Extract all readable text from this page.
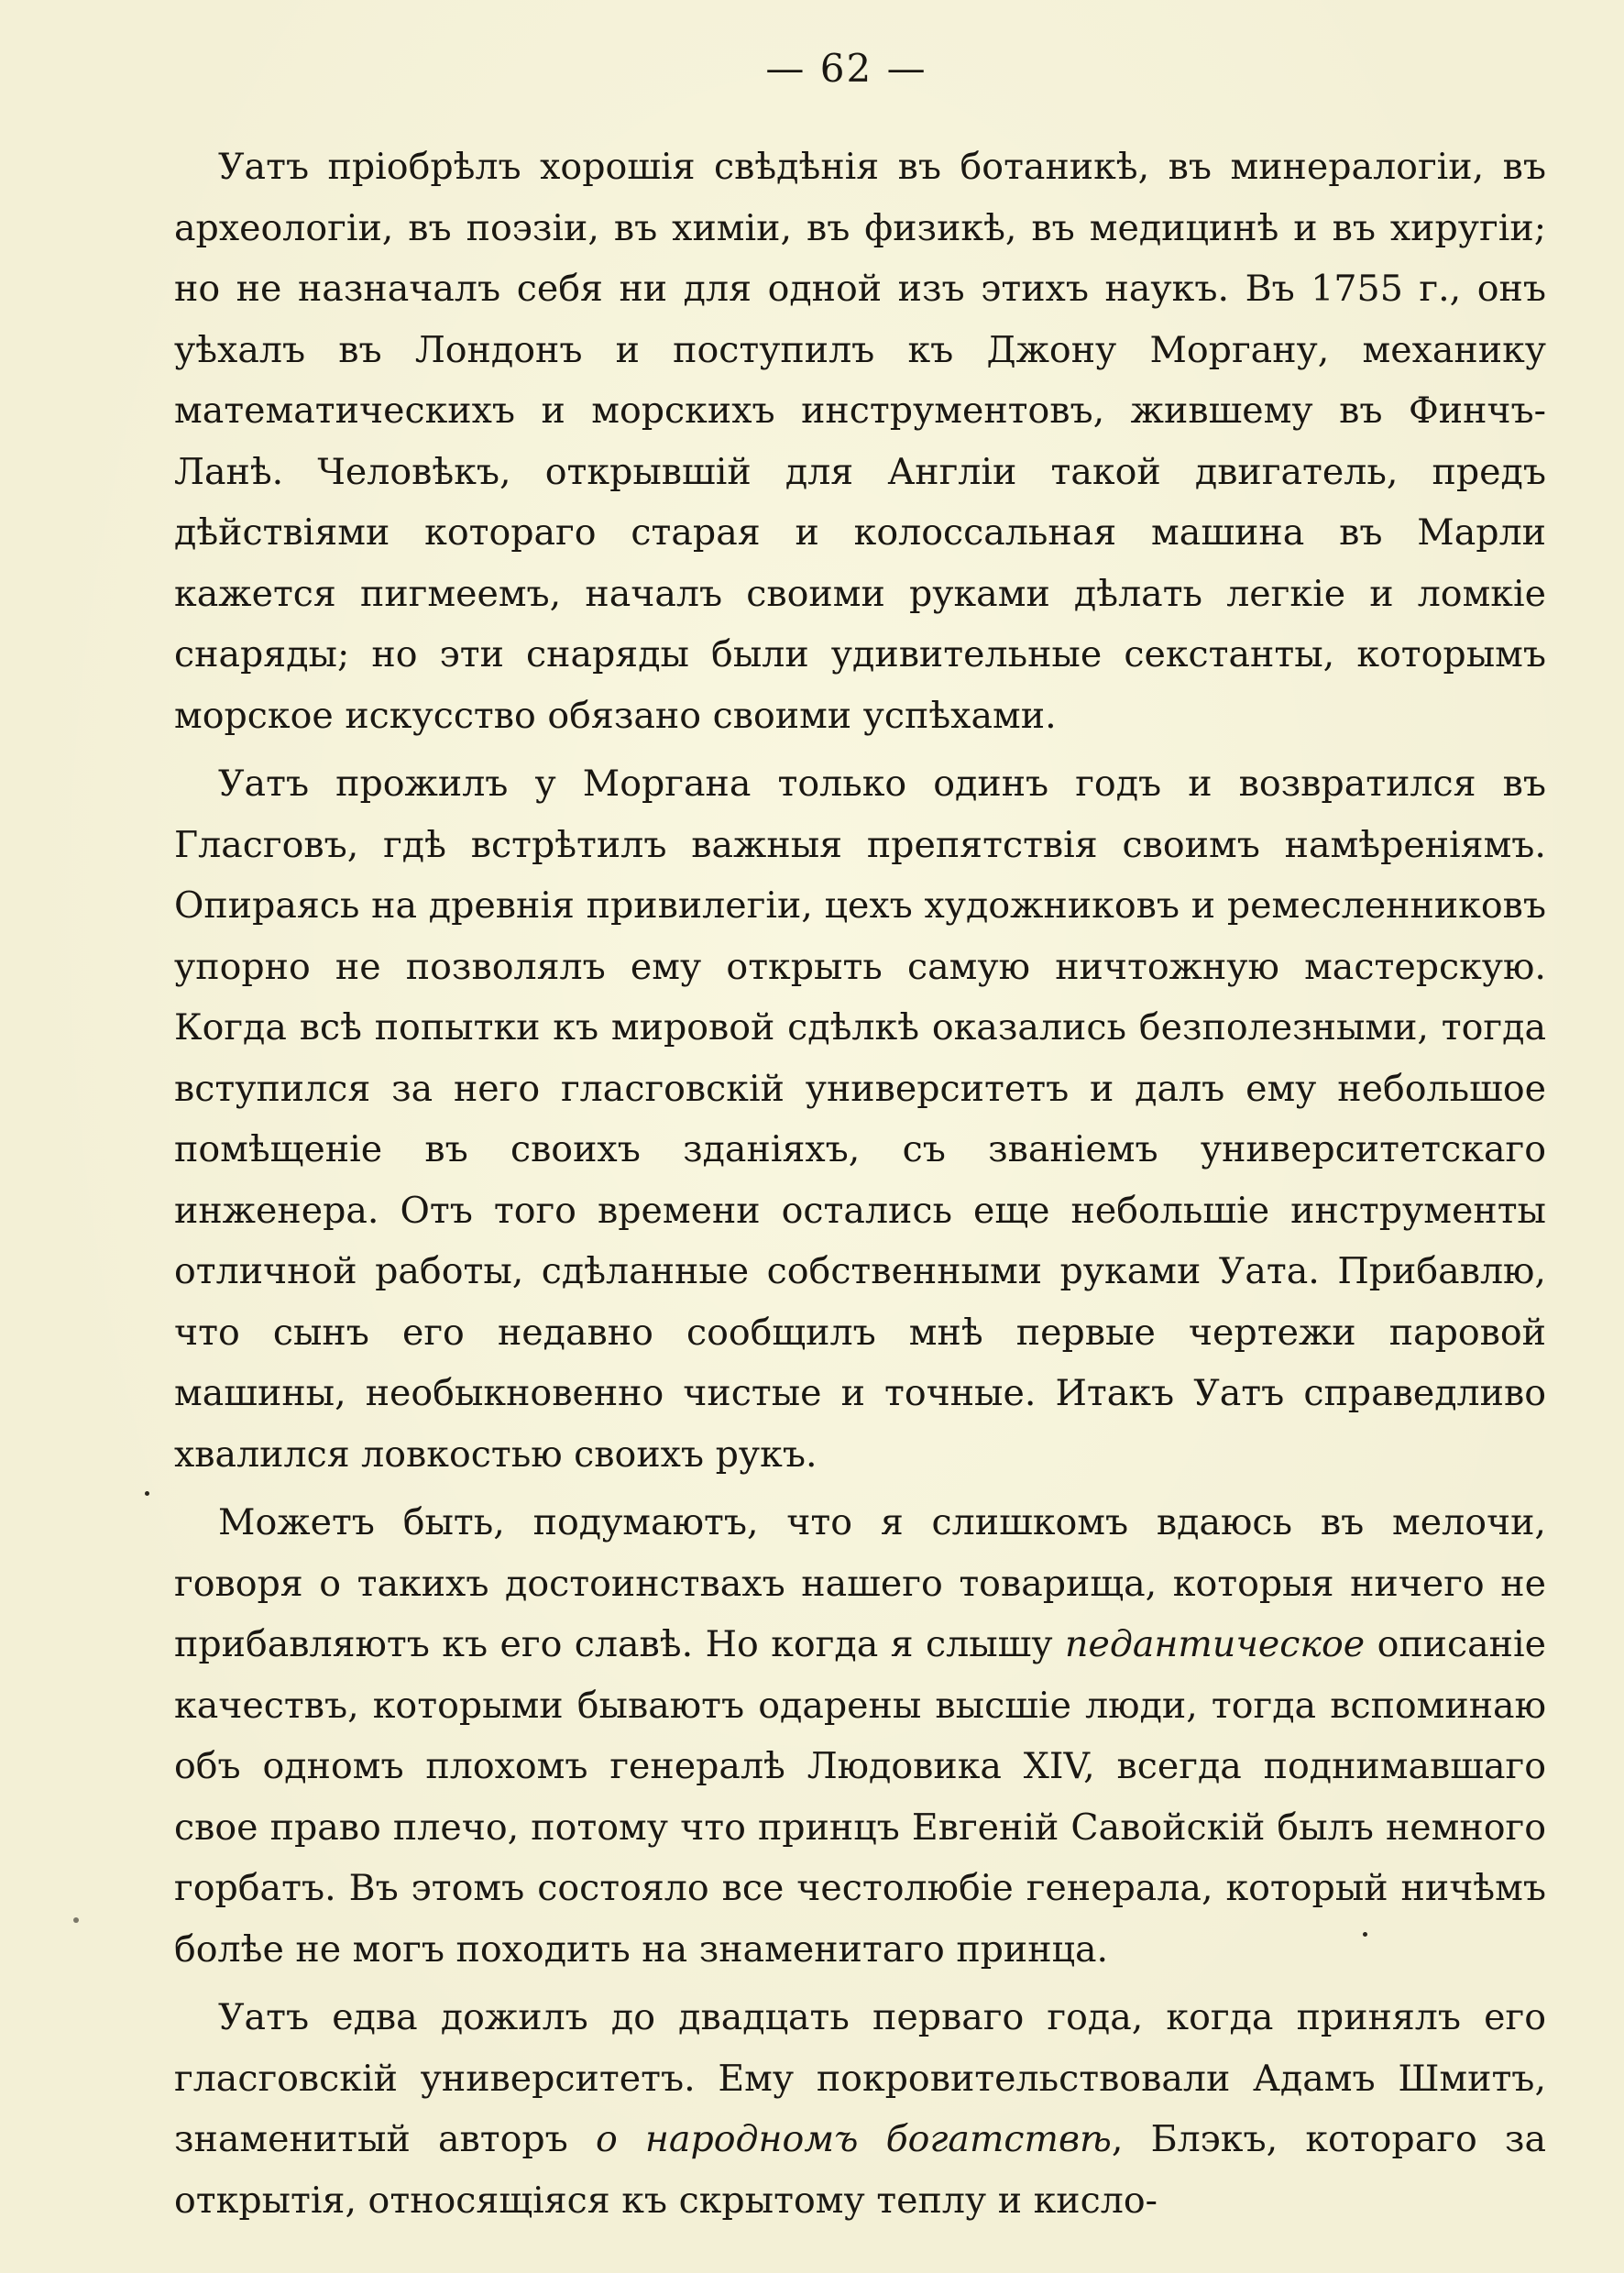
— 62 —

Уатъ пріобрѣлъ хорошія свѣдѣнія въ ботаникѣ, въ минералогіи, въ археологіи, въ поэзіи, въ химіи, въ физикѣ, въ медицинѣ и въ хиругіи; но не назначалъ себя ни для одной изъ этихъ наукъ. Въ 1755 г., онъ уѣхалъ въ Лондонъ и поступилъ къ Джону Моргану, механику математическихъ и морскихъ инструментовъ, жившему въ Финчъ-Ланѣ. Человѣкъ, открывшій для Англіи такой двигатель, предъ дѣйствіями котораго старая и колоссальная машина въ Марли кажется пигмеемъ, началъ своими руками дѣлать легкіе и ломкіе снаряды; но эти снаряды были удивительные секстанты, которымъ морское искусство обязано своими успѣхами.

Уатъ прожилъ у Моргана только одинъ годъ и возвратился въ Гласговъ, гдѣ встрѣтилъ важныя препятствія своимъ намѣреніямъ. Опираясь на древнія привилегіи, цехъ художниковъ и ремесленниковъ упорно не позволялъ ему открыть самую ничтожную мастерскую. Когда всѣ попытки къ мировой сдѣлкѣ оказались безполезными, тогда вступился за него гласговскій университетъ и далъ ему небольшое помѣщеніе въ своихъ зданіяхъ, съ званіемъ университетскаго инженера. Отъ того времени остались еще небольшіе инструменты отличной работы, сдѣланные собственными руками Уата. Прибавлю, что сынъ его недавно сообщилъ мнѣ первые чертежи паровой машины, необыкновенно чистые и точные. Итакъ Уатъ справедливо хвалился ловкостью своихъ рукъ.

Можетъ быть, подумаютъ, что я слишкомъ вдаюсь въ мелочи, говоря о такихъ достоинствахъ нашего товарища, которыя ничего не прибавляютъ къ его славѣ. Но когда я слышу педантическое описаніе качествъ, которыми бываютъ одарены высшіе люди, тогда вспоминаю объ одномъ плохомъ генералѣ Людовика XIV, всегда поднимавшаго свое право плечо, потому что принцъ Евгеній Савойскій былъ немного горбатъ. Въ этомъ состояло все честолюбіе генерала, который ничѣмъ болѣе не могъ походить на знаменитаго принца.

Уатъ едва дожилъ до двадцать перваго года, когда принялъ его гласговскій университетъ. Ему покровительствовали Адамъ Шмитъ, знаменитый авторъ о народномъ богатствѣ, Блэкъ, котораго за открытія, относящіяся къ скрытому теплу и кисло-
